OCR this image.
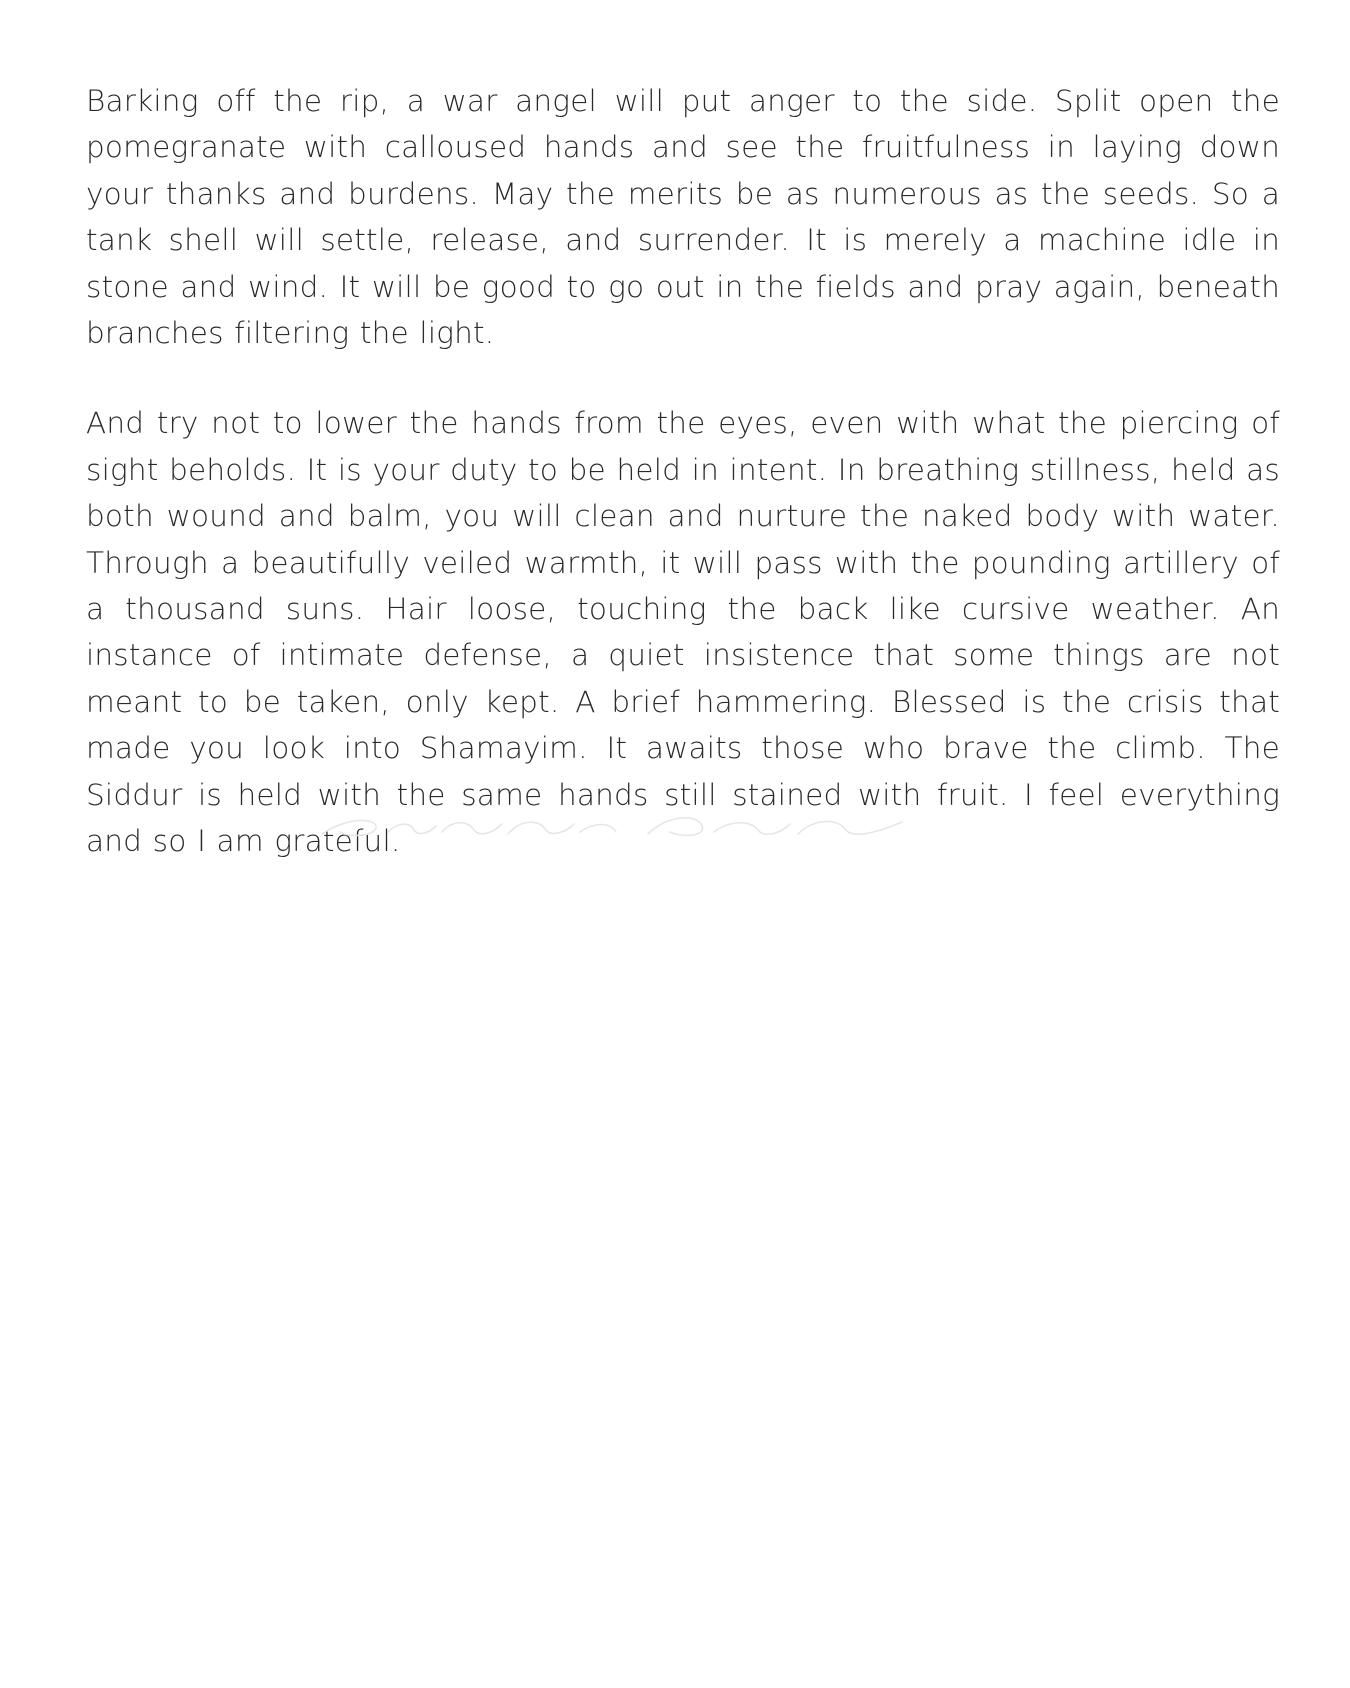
Barking off the rip, a war angel will put anger to the side. Split open the pomegranate with calloused hands and see the fruitfulness in laying down your thanks and burdens. May the merits be as numerous as the seeds. So a tank shell will settle, release, and surrender. It is merely a machine idle in stone and wind. It will be good to go out in the fields and pray again, beneath branches filtering the light.

And try not to lower the hands from the eyes, even with what the piercing of sight beholds. It is your duty to be held in intent. In breathing stillness, held as both wound and balm, you will clean and nurture the naked body with water. Through a beautifully veiled warmth, it will pass with the pounding artillery of a thousand suns. Hair loose, touching the back like cursive weather. An instance of intimate defense, a quiet insistence that some things are not meant to be taken, only kept. A brief hammering. Blessed is the crisis that made you look into Shamayim. It awaits those who brave the climb. The Siddur is held with the same hands still stained with fruit. I feel everything and so I am grateful.
